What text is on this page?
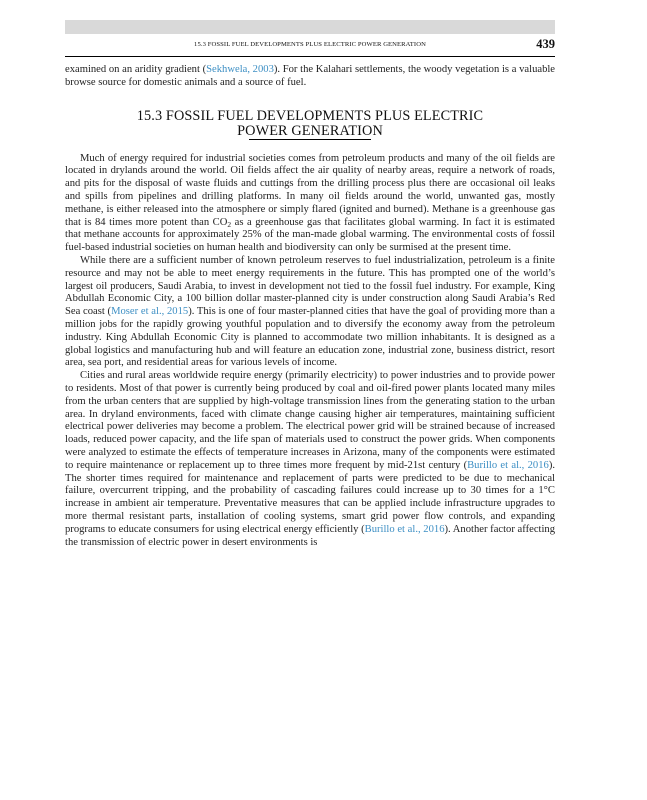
15.3 FOSSIL FUEL DEVELOPMENTS PLUS ELECTRIC POWER GENERATION	439

examined on an aridity gradient (Sekhwela, 2003). For the Kalahari settlements, the woody vegetation is a valuable browse source for domestic animals and a source of fuel.

15.3 FOSSIL FUEL DEVELOPMENTS PLUS ELECTRIC POWER GENERATION

Much of energy required for industrial societies comes from petroleum products and many of the oil fields are located in drylands around the world. Oil fields affect the air quality of nearby areas, require a network of roads, and pits for the disposal of waste fluids and cuttings from the drilling process plus there are occasional oil leaks and spills from pipelines and drilling platforms. In many oil fields around the world, unwanted gas, mostly methane, is either released into the atmosphere or simply flared (ignited and burned). Methane is a greenhouse gas that is 84 times more potent than $CO_2$ as a greenhouse gas that facilitates global warming. In fact it is estimated that methane accounts for approximately 25% of the man-made global warming. The environmental costs of fossil fuel-based industrial societies on human health and biodiversity can only be surmised at the present time.

While there are a sufficient number of known petroleum reserves to fuel industrialization, petroleum is a finite resource and may not be able to meet energy requirements in the future. This has prompted one of the world’s largest oil producers, Saudi Arabia, to invest in development not tied to the fossil fuel industry. For example, King Abdullah Economic City, a 100 billion dollar master-planned city is under construction along Saudi Arabia’s Red Sea coast (Moser et al., 2015). This is one of four master-planned cities that have the goal of providing more than a million jobs for the rapidly growing youthful population and to diversify the economy away from the petroleum industry. King Abdullah Economic City is planned to accommodate two million inhabitants. It is designed as a global logistics and manufacturing hub and will feature an education zone, industrial zone, business district, resort area, sea port, and residential areas for various levels of income.

Cities and rural areas worldwide require energy (primarily electricity) to power industries and to provide power to residents. Most of that power is currently being produced by coal and oil-fired power plants located many miles from the urban centers that are supplied by high-voltage transmission lines from the generating station to the urban area. In dryland environments, faced with climate change causing higher air temperatures, maintaining sufficient electrical power deliveries may become a problem. The electrical power grid will be strained because of increased loads, reduced power capacity, and the life span of materials used to construct the power grids. When components were analyzed to estimate the effects of temperature increases in Arizona, many of the components were estimated to require maintenance or replacement up to three times more frequent by mid-21st century (Burillo et al., 2016). The shorter times required for maintenance and replacement of parts were predicted to be due to mechanical failure, overcurrent tripping, and the probability of cascading failures could increase up to 30 times for a 1°C increase in ambient air temperature. Preventative measures that can be applied include infrastructure upgrades to more thermal resistant parts, installation of cooling systems, smart grid power flow controls, and expanding programs to educate consumers for using electrical energy efficiently (Burillo et al., 2016). Another factor affecting the transmission of electric power in desert environments is
